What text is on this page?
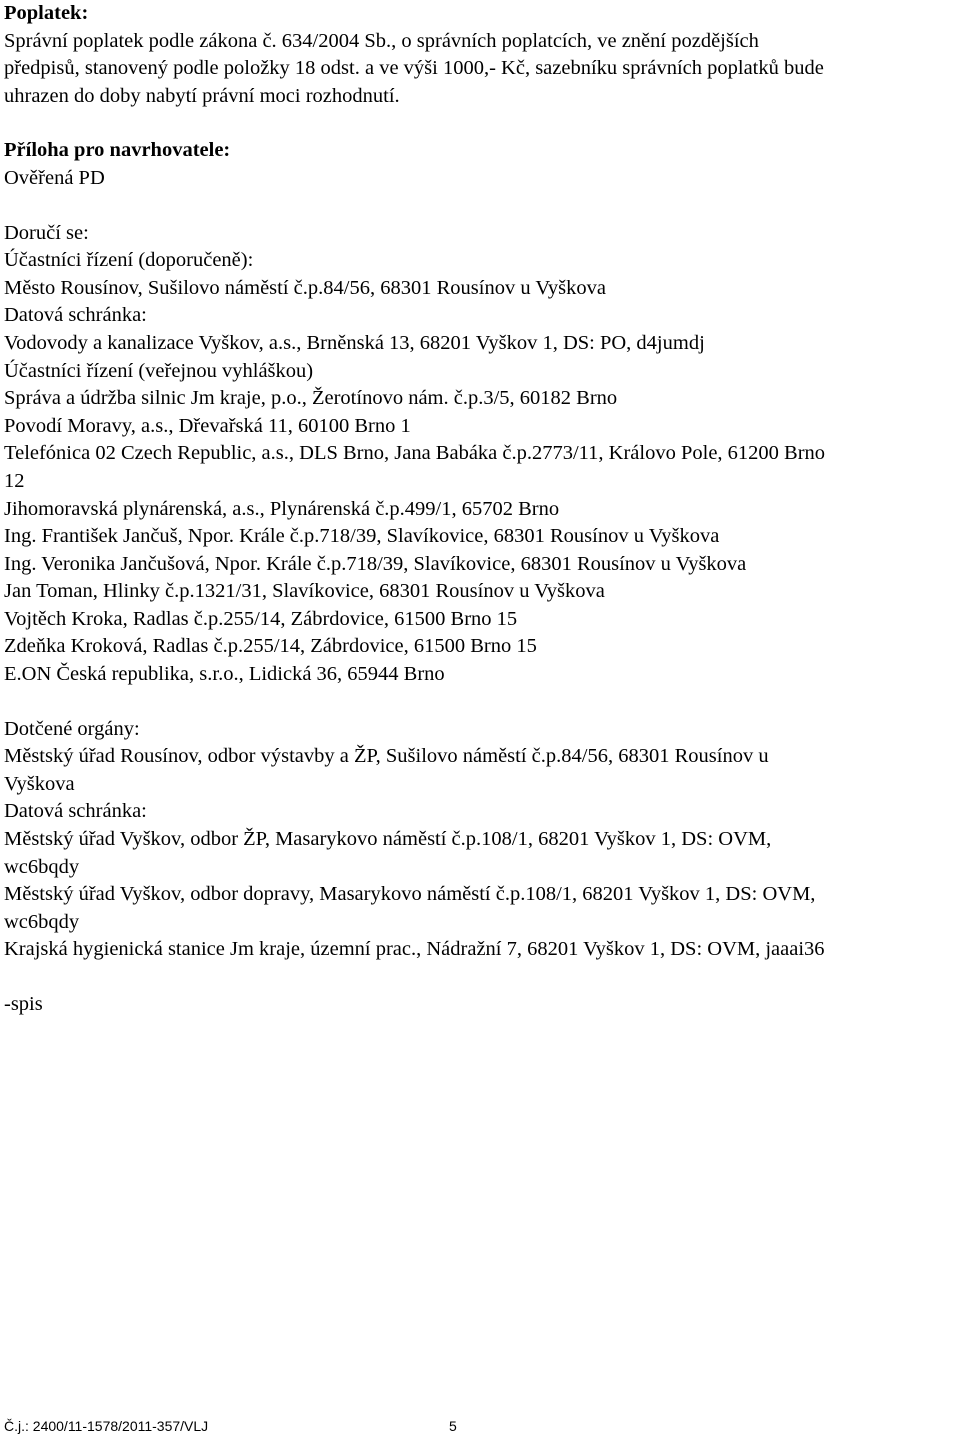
Poplatek:
Správní poplatek podle zákona č. 634/2004 Sb., o správních poplatcích, ve znění pozdějších
předpisů, stanovený podle položky 18 odst. a ve výši 1000,- Kč, sazebníku správních poplatků bude
uhrazen do doby nabytí právní moci rozhodnutí.
Příloha pro navrhovatele:
Ověřená PD
Doručí se:
Účastníci řízení (doporučeně):
Město Rousínov, Sušilovo náměstí č.p.84/56, 68301 Rousínov u Vyškova
Datová schránka:
Vodovody a kanalizace Vyškov, a.s., Brněnská 13, 68201 Vyškov 1, DS: PO, d4jumdj
Účastníci řízení (veřejnou vyhláškou)
Správa a údržba silnic Jm kraje, p.o., Žerotínovo nám. č.p.3/5, 60182 Brno
Povodí Moravy, a.s., Dřevařská 11, 60100 Brno 1
Telefónica 02 Czech Republic, a.s., DLS Brno, Jana Babáka č.p.2773/11, Královo Pole, 61200 Brno
12
Jihomoravská plynárenská, a.s., Plynárenská č.p.499/1, 65702 Brno
Ing. František Jančuš, Npor. Krále č.p.718/39, Slavíkovice, 68301 Rousínov u Vyškova
Ing. Veronika Jančušová, Npor. Krále č.p.718/39, Slavíkovice, 68301 Rousínov u Vyškova
Jan Toman, Hlinky č.p.1321/31, Slavíkovice, 68301 Rousínov u Vyškova
Vojtěch Kroka, Radlas č.p.255/14, Zábrdovice, 61500 Brno 15
Zdeňka Kroková, Radlas č.p.255/14, Zábrdovice, 61500 Brno 15
E.ON Česká republika, s.r.o., Lidická 36, 65944 Brno
Dotčené orgány:
Městský úřad Rousínov, odbor výstavby a ŽP, Sušilovo náměstí č.p.84/56, 68301 Rousínov u
Vyškova
Datová schránka:
Městský úřad Vyškov, odbor ŽP, Masarykovo náměstí č.p.108/1, 68201 Vyškov 1, DS: OVM,
wc6bqdy
Městský úřad Vyškov, odbor dopravy, Masarykovo náměstí č.p.108/1, 68201 Vyškov 1, DS: OVM,
wc6bqdy
Krajská hygienická stanice Jm kraje, územní prac., Nádražní 7, 68201 Vyškov 1, DS: OVM, jaaai36
-spis
Č.j.: 2400/11-1578/2011-357/VLJ	5
